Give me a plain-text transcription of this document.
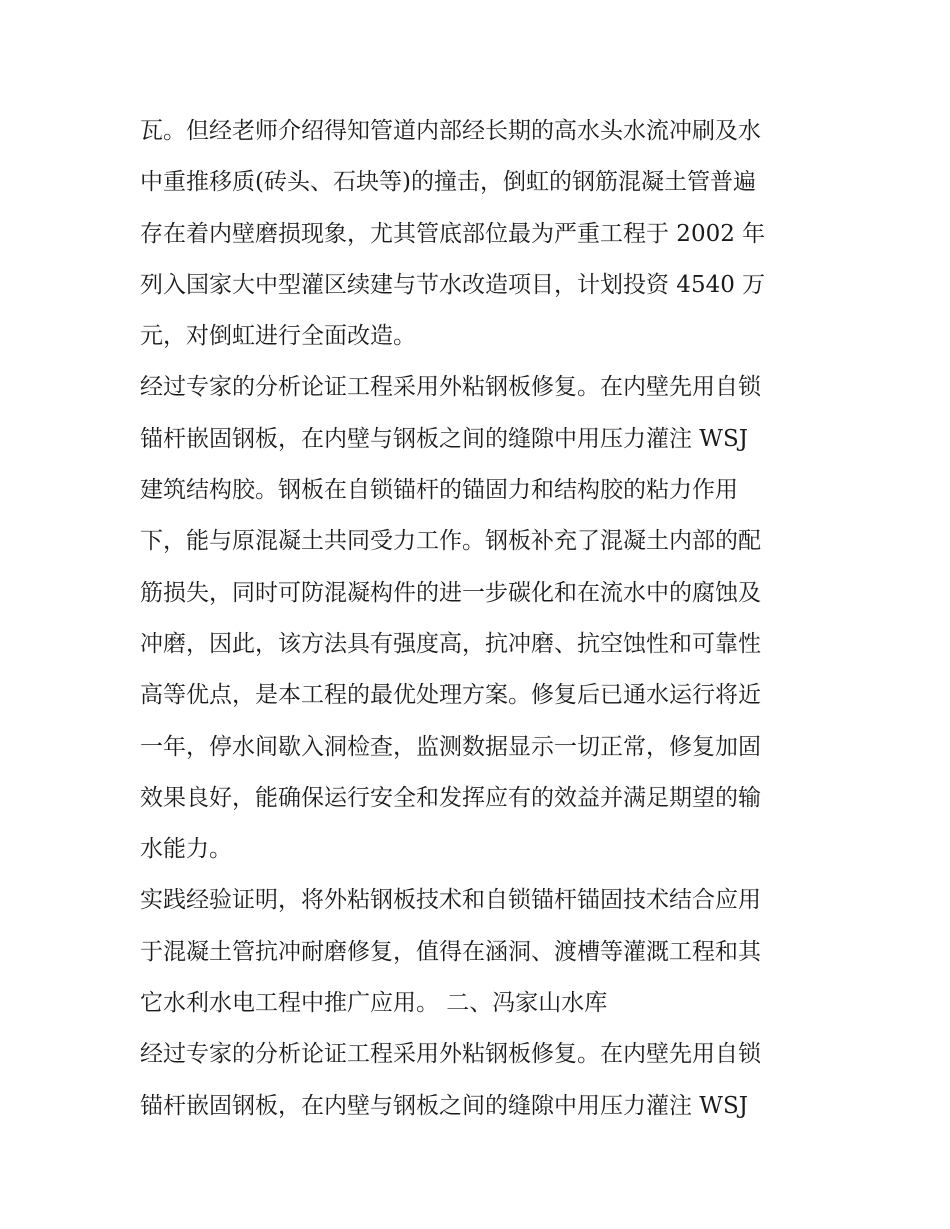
瓦。但经老师介绍得知管道内部经长期的高水头水流冲刷及水
中重推移质(砖头、石块等)的撞击，倒虹的钢筋混凝土管普遍
存在着内壁磨损现象，尤其管底部位最为严重工程于 2002 年
列入国家大中型灌区续建与节水改造项目，计划投资 4540 万
元，对倒虹进行全面改造。
经过专家的分析论证工程采用外粘钢板修复。在内壁先用自锁
锚杆嵌固钢板，在内壁与钢板之间的缝隙中用压力灌注 WSJ
建筑结构胶。钢板在自锁锚杆的锚固力和结构胶的粘力作用
下，能与原混凝土共同受力工作。钢板补充了混凝土内部的配
筋损失，同时可防混凝构件的进一步碳化和在流水中的腐蚀及
冲磨，因此，该方法具有强度高，抗冲磨、抗空蚀性和可靠性
高等优点，是本工程的最优处理方案。修复后已通水运行将近
一年，停水间歇入洞检查，监测数据显示一切正常，修复加固
效果良好，能确保运行安全和发挥应有的效益并满足期望的输
水能力。
实践经验证明，将外粘钢板技术和自锁锚杆锚固技术结合应用
于混凝土管抗冲耐磨修复，值得在涵洞、渡槽等灌溉工程和其
它水利水电工程中推广应用。 二、冯家山水库
经过专家的分析论证工程采用外粘钢板修复。在内壁先用自锁
锚杆嵌固钢板，在内壁与钢板之间的缝隙中用压力灌注 WSJ
